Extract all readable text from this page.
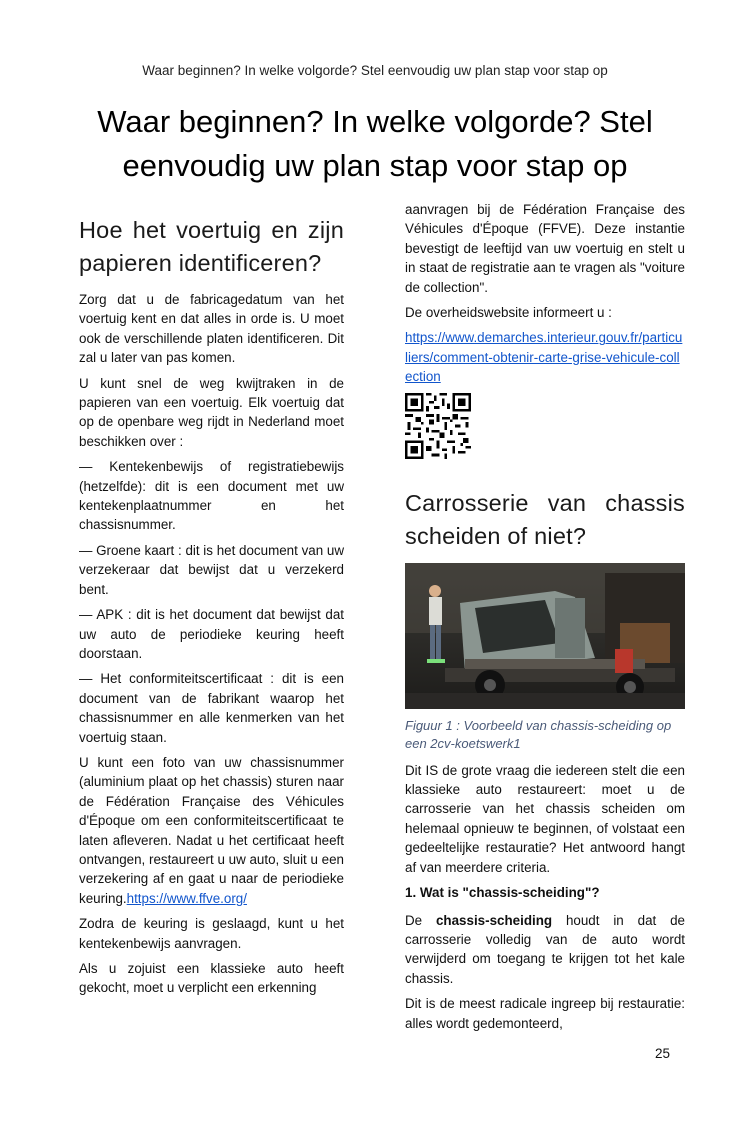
Waar beginnen? In welke volgorde? Stel eenvoudig uw plan stap voor stap op
Waar beginnen? In welke volgorde? Stel eenvoudig uw plan stap voor stap op
Hoe het voertuig en zijn papieren identificeren?

Zorg dat u de fabricagedatum van het voertuig kent en dat alles in orde is. U moet ook de verschillende platen identificeren. Dit zal u later van pas komen.

U kunt snel de weg kwijtraken in de papieren van een voertuig. Elk voertuig dat op de openbare weg rijdt in Nederland moet beschikken over :

— Kentekenbewijs of registratiebewijs (hetzelfde): dit is een document met uw kentekenplaatnummer en het chassisnummer.

— Groene kaart : dit is het document van uw verzekeraar dat bewijst dat u verzekerd bent.

— APK : dit is het document dat bewijst dat uw auto de periodieke keuring heeft doorstaan.

— Het conformiteitscertificaat : dit is een document van de fabrikant waarop het chassisnummer en alle kenmerken van het voertuig staan.

U kunt een foto van uw chassisnummer (aluminium plaat op het chassis) sturen naar de Fédération Française des Véhicules d'Époque om een conformiteitscertificaat te laten afleveren. Nadat u het certificaat heeft ontvangen, restaureert u uw auto, sluit u een verzekering af en gaat u naar de periodieke keuring.https://www.ffve.org/

Zodra de keuring is geslaagd, kunt u het kentekenbewijs aanvragen.

Als u zojuist een klassieke auto heeft gekocht, moet u verplicht een erkenning

aanvragen bij de Fédération Française des Véhicules d'Époque (FFVE). Deze instantie bevestigt de leeftijd van uw voertuig en stelt u in staat de registratie aan te vragen als "voiture de collection".

De overheidswebsite informeert u :

https://www.demarches.interieur.gouv.fr/particuliers/comment-obtenir-carte-grise-vehicule-collection

Carrosserie van chassis scheiden of niet?

Figuur 1 : Voorbeeld van chassis-scheiding op een 2cv-koetswerk1

Dit IS de grote vraag die iedereen stelt die een klassieke auto restaureert: moet u de carrosserie van het chassis scheiden om helemaal opnieuw te beginnen, of volstaat een gedeeltelijke restauratie? Het antwoord hangt af van meerdere criteria.

1. Wat is "chassis-scheiding"?

De chassis-scheiding houdt in dat de carrosserie volledig van de auto wordt verwijderd om toegang te krijgen tot het kale chassis.

Dit is de meest radicale ingreep bij restauratie: alles wordt gedemonteerd,

25
